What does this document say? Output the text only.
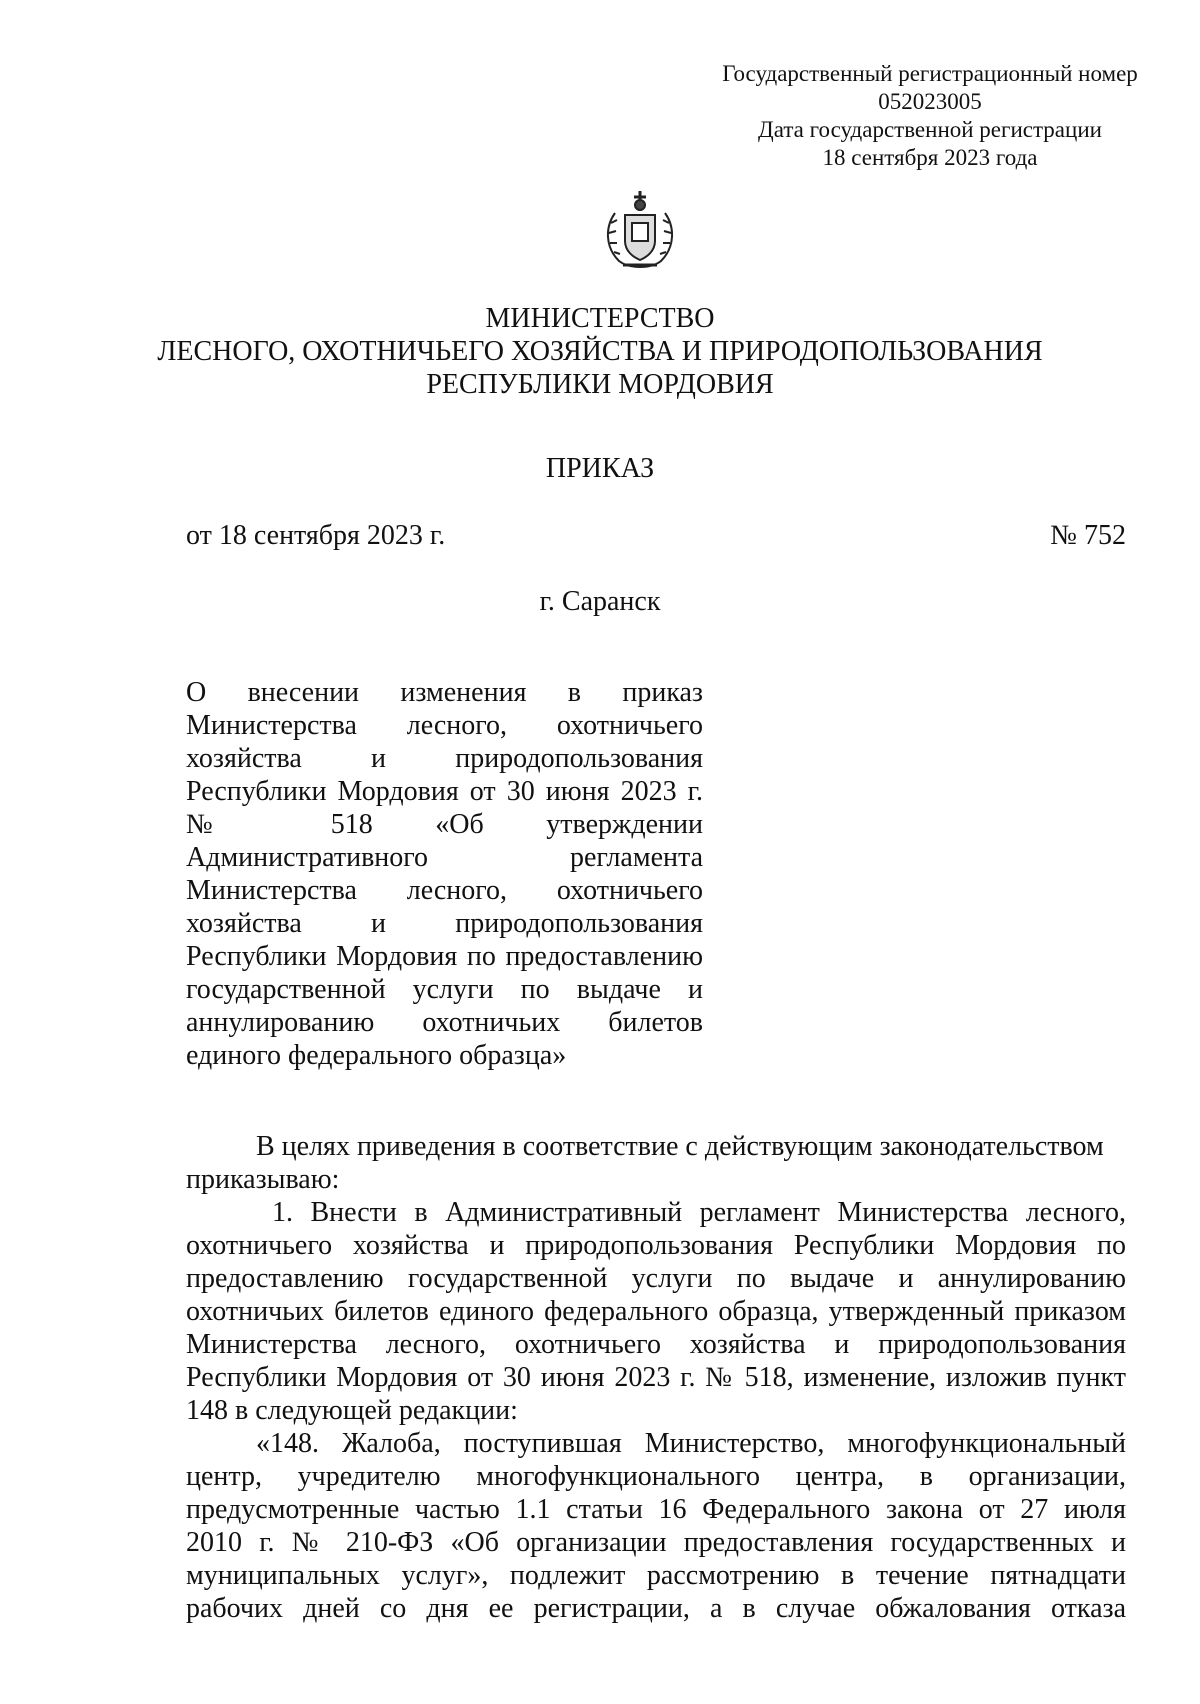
Государственный регистрационный номер
052023005
Дата государственной регистрации
18 сентября 2023 года
МИНИСТЕРСТВО
ЛЕСНОГО, ОХОТНИЧЬЕГО ХОЗЯЙСТВА И ПРИРОДОПОЛЬЗОВАНИЯ
РЕСПУБЛИКИ МОРДОВИЯ
ПРИКАЗ
от 18 сентября 2023 г.	№ 752
г. Саранск
О внесении изменения в приказ
Министерства лесного, охотничьего
хозяйства и природопользования
Республики Мордовия от 30 июня 2023 г.
№ 518 «Об утверждении
Административного регламента
Министерства лесного, охотничьего
хозяйства и природопользования
Республики Мордовия по предоставлению
государственной услуги по выдаче и
аннулированию охотничьих билетов
единого федерального образца»
В целях приведения в соответствие с действующим законодательством
приказываю:
1. Внести в Административный регламент Министерства лесного,
охотничьего хозяйства и природопользования Республики Мордовия по
предоставлению государственной услуги по выдаче и аннулированию
охотничьих билетов единого федерального образца, утвержденный приказом
Министерства лесного, охотничьего хозяйства и природопользования
Республики Мордовия от 30 июня 2023 г. № 518, изменение, изложив пункт
148 в следующей редакции:
«148. Жалоба, поступившая Министерство, многофункциональный
центр, учредителю многофункционального центра, в организации,
предусмотренные частью 1.1 статьи 16 Федерального закона от 27 июля
2010 г. № 210-ФЗ «Об организации предоставления государственных и
муниципальных услуг», подлежит рассмотрению в течение пятнадцати
рабочих дней со дня ее регистрации, а в случае обжалования отказа
